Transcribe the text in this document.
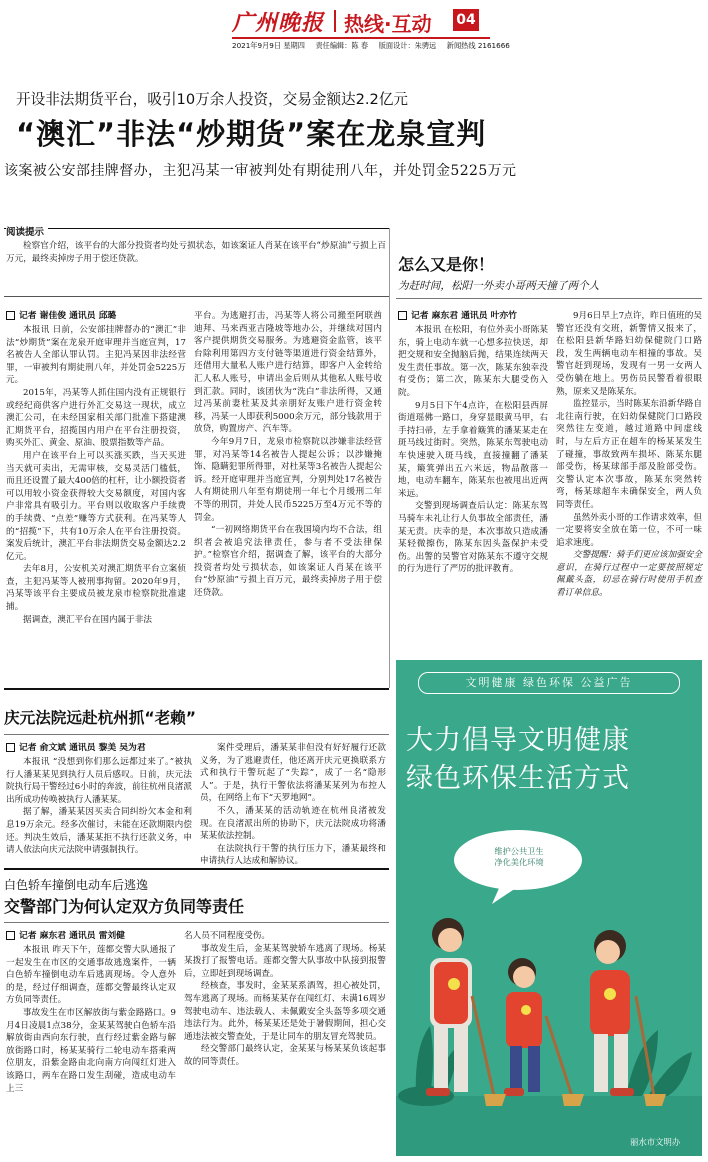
广州晚报 热线·互动 04
2021年9月9日 星期四 责任编辑：陈 春 版面设计：朱骋远 新闻热线 2161666
开设非法期货平台，吸引10万余人投资，交易金额达2.2亿元
“澳汇”非法“炒期货”案在龙泉宣判
该案被公安部挂牌督办，主犯冯某一审被判处有期徒刑八年，并处罚金5225万元
阅读提示
检察官介绍，该平台的大部分投资者均处亏损状态，如该案证人肖某在该平台“炒原油”亏损上百万元，最终卖掉房子用于偿还贷款。
记者 谢佳俊 通讯员 邱璐

本报讯 日前，公安部挂牌督办的“澳汇”非法“炒期货”案在龙泉开庭审理并当庭宣判，17名被告人全部认罪认罚。主犯冯某因非法经营罪，一审被判有期徒刑八年，并处罚金5225万元。

2015年，冯某等人抓住国内没有正规银行或经纪商供客户进行外汇交易这一现状，成立澳汇公司，在未经国家相关部门批准下搭建澳汇期货平台，招揽国内用户在平台注册投资，购买外汇、黄金、原油、股票指数等产品。

用户在该平台上可以买涨买跌，当天买进当天就可卖出，无需审核，交易灵活门槛低，而且还设置了最大400倍的杠杆，让小额投资者可以用较小资金获得较大交易额度，对国内客户非常具有吸引力。平台则以收取客户手续费的手续费、“点差”赚等方式获利。在冯某等人的“招揽”下，共有10万余人在平台注册投资。案发后统计，澳汇平台非法期货交易金额达2.2亿元。

去年8月，公安机关对澳汇期货平台立案侦查，主犯冯某等人被刑事拘留。2020年9月，冯某等该平台主要成员被龙泉市检察院批准逮捕。

据调查，澳汇平台在国内属于非法

平台。为逃避打击，冯某等人将公司搬至阿联酋迪拜、马来西亚吉隆坡等地办公，并继续对国内客户提供期货交易服务。为逃避资金监管，该平台除利用第四方支付链等渠道进行资金结算外，还借用大量私人账户进行结算，即客户入金转给汇人私人账号，申请出金后则从其他私人账号收到汇款。同时，该团伙为“洗白”非法所得，又通过冯某前妻杜某及其亲朋好友账户进行资金转移，冯某一人即获利5000余万元，部分钱款用于放贷，购置房产、汽车等。

今年9月7日，龙泉市检察院以涉嫌非法经营罪，对冯某等14名被告人提起公诉；以涉嫌掩饰、隐瞒犯罪所得罪，对杜某等3名被告人提起公诉。经开庭审理并当庭宣判，分别判处17名被告人有期徒刑八年至有期徒刑一年七个月缓刑二年不等的刑罚，并处人民币5225万至4万元不等的罚金。

“一初网络期货平台在我国境内均不合法，组织者会被追究法律责任，参与者不受法律保护。”检察官介绍，据调查了解，该平台的大部分投资者均处亏损状态，如该案证人肖某在该平台“炒原油”亏损上百万元，最终卖掉房子用于偿还贷款。

怎么又是你！
为赶时间，松阳一外卖小哥两天撞了两个人
记者 麻东君 通讯员 叶亦竹

本报讯 在松阳，有位外卖小哥陈某东，骑上电动车就一心想多拉快送，却把交规和安全抛脑后抛，结果连续两天发生责任事故。第一次，陈某东独幸没有受伤；第二次，陈某东大腿受伤入院。

9月5日下午4点许，在松阳县西屏街道瑶佛一路口，身穿显眼黄马甲，右手持扫帚，左手拿着簸箕的潘某某走在斑马线过街时。突然，陈某东驾驶电动车快速驶入斑马线，直接撞翻了潘某某，簸箕弹出五六米远，物品散落一地，电动车翻车，陈某东也被甩出近两米远。

交警到现场调查后认定：陈某东驾马骑车未礼让行人负事故全部责任，潘某无责。庆幸的是，本次事故只造成潘某轻微擦伤，陈某东因头盔保护未受伤。出警的吴警官对陈某东不遵守交规的行为进行了严厉的批评教育。

9月6日早上7点许，昨日值班的吴警官还没有交班，新警情又报来了，在松阳县新华路妇幼保健院门口路段，发生两辆电动车相撞的事故。吴警官赶到现场，发现有一男一女两人受伤躺在地上。男伤员民警看着很眼熟，原来又是陈某东。

监控显示，当时陈某东沿新华路自北往南行驶，在妇幼保健院门口路段突然往左变道，越过道路中间虚线时，与左后方正在超车的杨某某发生了碰撞，事故致两车损坏、陈某东腿部受伤，杨某球部手部及脸部受伤。交警认定本次事故，陈某东突然转弯，杨某球超车未确保安全，两人负同等责任。

虽然外卖小哥的工作请求效率，但一定要将安全放在第一位，不可一味追求速度。

交警提醒：骑手们更应该加强安全意识，在骑行过程中一定要按照规定佩戴头盔，切忌在骑行时使用手机查看订单信息。

文明健康 绿色环保 公益广告
大力倡导文明健康
绿色环保生活方式
维护公共卫生
净化美化环境
丽水市文明办
庆元法院远赴杭州抓“老赖”
记者 俞文斌 通讯员 黎美 吴为君

本报讯 “没想到你们那么远都过来了。”被执行人潘某某见到执行人员后感叹。日前，庆元法院执行局干警经过6小时的奔波，前往杭州良渚派出所成功传唤被执行人潘某某。

据了解，潘某某因买卖合同纠纷欠本金和利息19万余元。经多次催讨，未能在还款期限内偿还。判决生效后，潘某某拒不执行还款义务，申请人依法向庆元法院申请强制执行。

案件受理后，潘某某非但没有好好履行还款义务，为了逃避责任，他还离开庆元更换联系方式和执行干警玩起了“失踪”，成了一名“隐形人”。于是，执行干警依法将潘某某列为布控人员，在网络上布下“天罗地网”。

不久，潘某某的活动轨迹在杭州良渚被发现。在良渚派出所的协助下，庆元法院成功将潘某某依法控制。

在法院执行干警的执行压力下，潘某最终和申请执行人达成和解协议。

白色轿车撞倒电动车后逃逸
交警部门为何认定双方负同等责任
记者 麻东君 通讯员 雷刘健

本报讯 昨天下午，莲都交警大队通报了一起发生在市区的交通事故逃逸案件，一辆白色轿车撞倒电动车后逃离现场。令人意外的是，经过仔细调查，莲都交警最终认定双方负同等责任。

事故发生在市区解放街与紫金路路口。9月4日凌晨1点38分，金某某驾驶白色轿车沿解放街由西向东行驶，直行经过紫金路与解放街路口时，杨某某骑行二轮电动车搭乘两位朋友，沿紫金路由北向南方向闯红灯进入该路口，两车在路口发生刮碰，造成电动车上三

名人员不同程度受伤。

事故发生后，金某某驾驶轿车逃离了现场。杨某某拨打了报警电话。莲都交警大队事故中队接到报警后，立即赶到现场调查。

经核查，事发时，金某某系酒驾，担心被处罚，驾车逃离了现场。而杨某某存在闯红灯、未满16周岁驾驶电动车、违法载人、未佩戴安全头盔等多项交通违法行为。此外，杨某某还是处于暑假期间，担心交通违法被交警查处，于是让同车的朋友冒充驾驶员。

经交警部门最终认定，金某某与杨某某负该起事故的同等责任。
